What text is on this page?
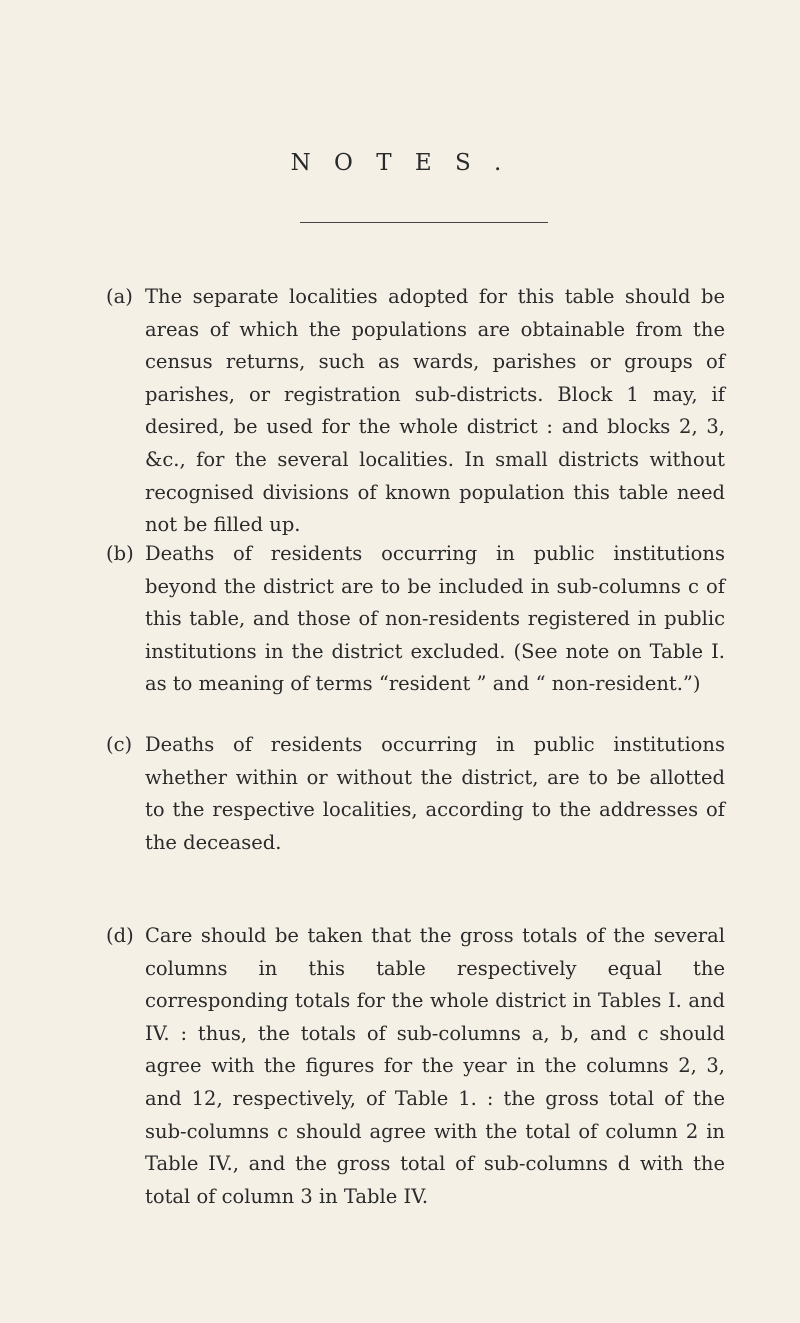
N O T E S .
(a) The separate localities adopted for this table should be areas of which the populations are obtainable from the census returns, such as wards, parishes or groups of parishes, or registration sub-districts. Block 1 may, if desired, be used for the whole district : and blocks 2, 3, &c., for the several localities. In small districts without recognised divisions of known population this table need not be filled up.

(b) Deaths of residents occurring in public institutions beyond the district are to be included in sub-columns c of this table, and those of non-residents registered in public institutions in the district excluded. (See note on Table I. as to meaning of terms “resident ” and “ non-resident.”)

(c) Deaths of residents occurring in public institutions whether within or without the district, are to be allotted to the respective localities, according to the addresses of the deceased.

(d) Care should be taken that the gross totals of the several columns in this table respectively equal the corresponding totals for the whole district in Tables I. and IV. : thus, the totals of sub-columns a, b, and c should agree with the figures for the year in the columns 2, 3, and 12, respectively, of Table 1. : the gross total of the sub-columns c should agree with the total of column 2 in Table IV., and the gross total of sub-columns d with the total of column 3 in Table IV.
